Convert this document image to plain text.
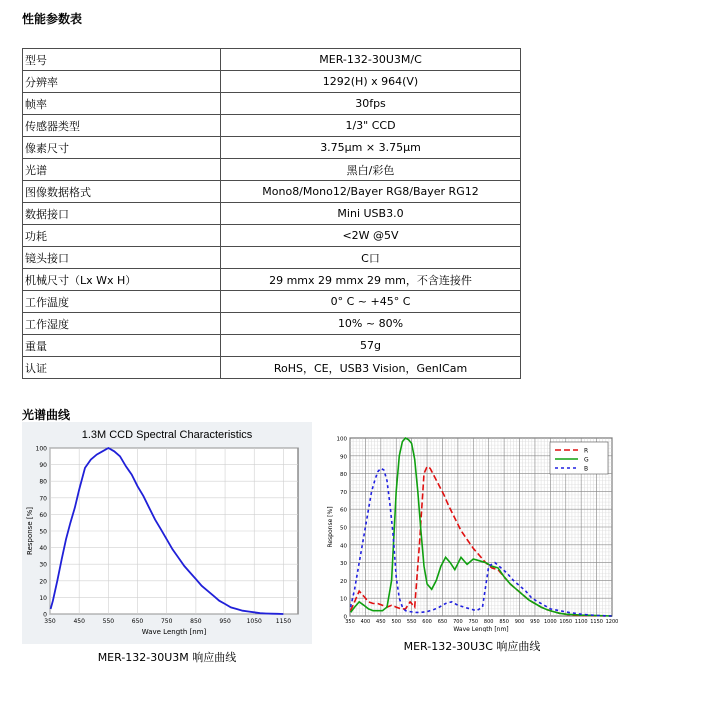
性能参数表
型号	MER-132-30U3M/C
分辨率	1292(H) x 964(V)
帧率	30fps
传感器类型	1/3" CCD
像素尺寸	3.75μm × 3.75μm
光谱	黑白/彩色
图像数据格式	Mono8/Mono12/Bayer RG8/Bayer RG12
数据接口	Mini USB3.0
功耗	<2W @5V
镜头接口	C口
机械尺寸（Lx Wx H）	29 mmx 29 mmx 29 mm，不含连接件
工作温度	0° C ~ +45° C
工作湿度	10% ~ 80%
重量	57g
认证	RoHS，CE，USB3 Vision，GenICam
光谱曲线
1.3M CCD Spectral Characteristics
0
10
20
30
40
50
60
70
80
90
100
350	450	550	650	750	850	950	1050 1150
Wave Length [nm]
Response [%]
MER-132-30U3M 响应曲线
0
10
20
30
40
50
60
70
80
90
100
350 400 450 500 550 600 650 700 750 800 850 900 950 1000 1050 1100 1150 1200
Wave Length [nm]
Response [%]
R
G
B
MER-132-30U3C 响应曲线
